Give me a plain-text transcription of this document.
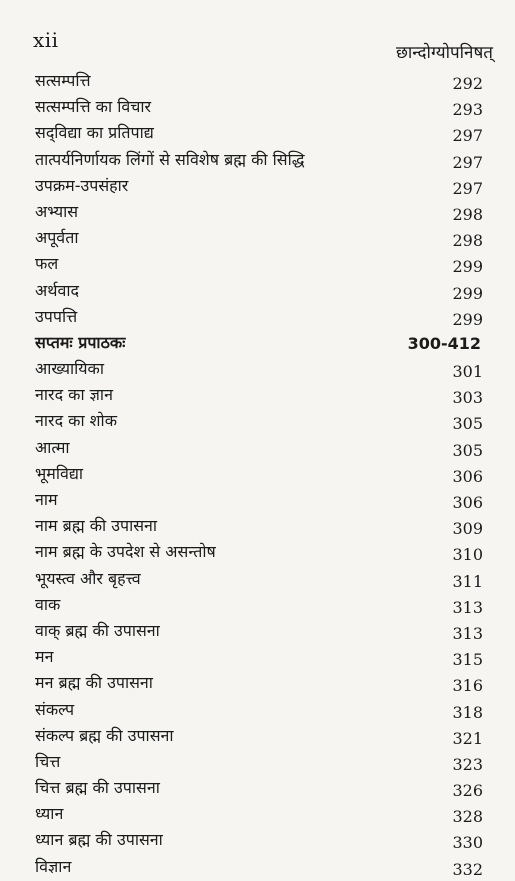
xii
छान्दोग्योपनिषत्
सत्सम्पत्ति	292
सत्सम्पत्ति का विचार	293
सद्‌विद्या का प्रतिपाद्य	297
तात्पर्यनिर्णायक लिंगों से सविशेष ब्रह्म की सिद्धि	297
उपक्रम-उपसंहार	297
अभ्यास	298
अपूर्वता	298
फल	299
अर्थवाद	299
उपपत्ति	299
सप्तमः प्रपाठकः	300-412
आख्यायिका	301
नारद का ज्ञान	303
नारद का शोक	305
आत्मा	305
भूमविद्या	306
नाम	306
नाम ब्रह्म की उपासना	309
नाम ब्रह्म के उपदेश से असन्तोष	310
भूयस्त्व और बृहत्त्व	311
वाक	313
वाक् ब्रह्म की उपासना	313
मन	315
मन ब्रह्म की उपासना	316
संकल्प	318
संकल्प ब्रह्म की उपासना	321
चित्त	323
चित्त ब्रह्म की उपासना	326
ध्यान	328
ध्यान ब्रह्म की उपासना	330
विज्ञान	332
